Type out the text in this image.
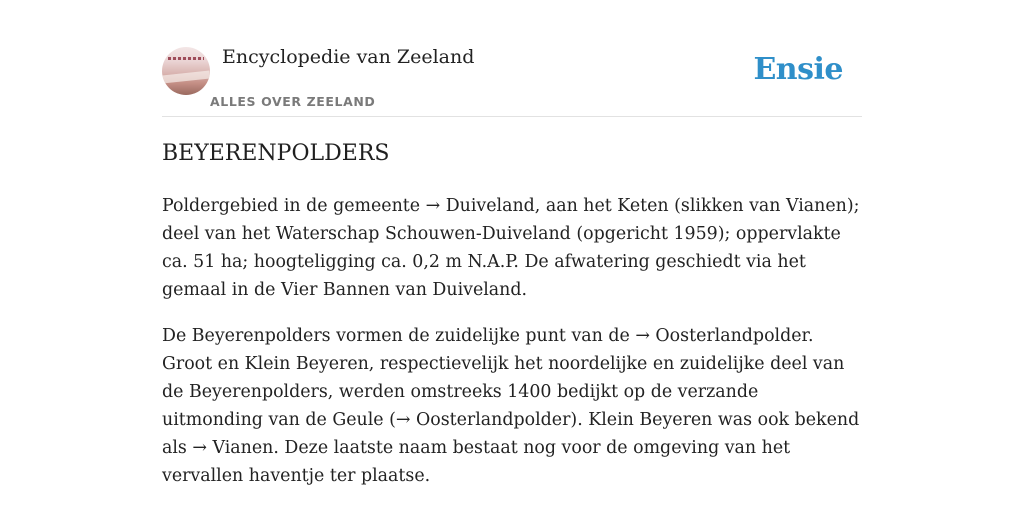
Encyclopedie van Zeeland
ALLES OVER ZEELAND
Ensie
BEYERENPOLDERS

Poldergebied in de gemeente → Duiveland, aan het Keten (slikken van Vianen); deel van het Waterschap Schouwen-Duiveland (opgericht 1959); oppervlakte ca. 51 ha; hoogteligging ca. 0,2 m N.A.P. De afwatering geschiedt via het gemaal in de Vier Bannen van Duiveland.

De Beyerenpolders vormen de zuidelijke punt van de → Oosterlandpolder. Groot en Klein Beyeren, respectievelijk het noordelijke en zuidelijke deel van de Beyerenpolders, werden omstreeks 1400 bedijkt op de verzande uitmonding van de Geule (→ Oosterlandpolder). Klein Beyeren was ook bekend als → Vianen. Deze laatste naam bestaat nog voor de omgeving van het vervallen haventje ter plaatse.
